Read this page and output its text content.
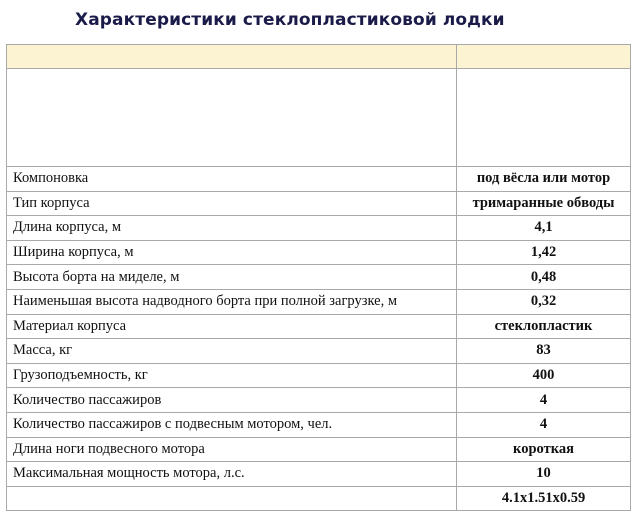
Характеристики стеклопластиковой лодки

Компоновка	под вёсла или мотор
Тип корпуса	тримаранные обводы
Длина корпуса, м	4,1
Ширина корпуса, м	1,42
Высота борта на миделе, м	0,48
Наименьшая высота надводного борта при полной загрузке, м	0,32
Материал корпуса	стеклопластик
Масса, кг	83
Грузоподъемность, кг	400
Количество пассажиров	4
Количество пассажиров с подвесным мотором, чел.	4
Длина ноги подвесного мотора	короткая
Максимальная мощность мотора, л.с.	10
	4.1x1.51x0.59
